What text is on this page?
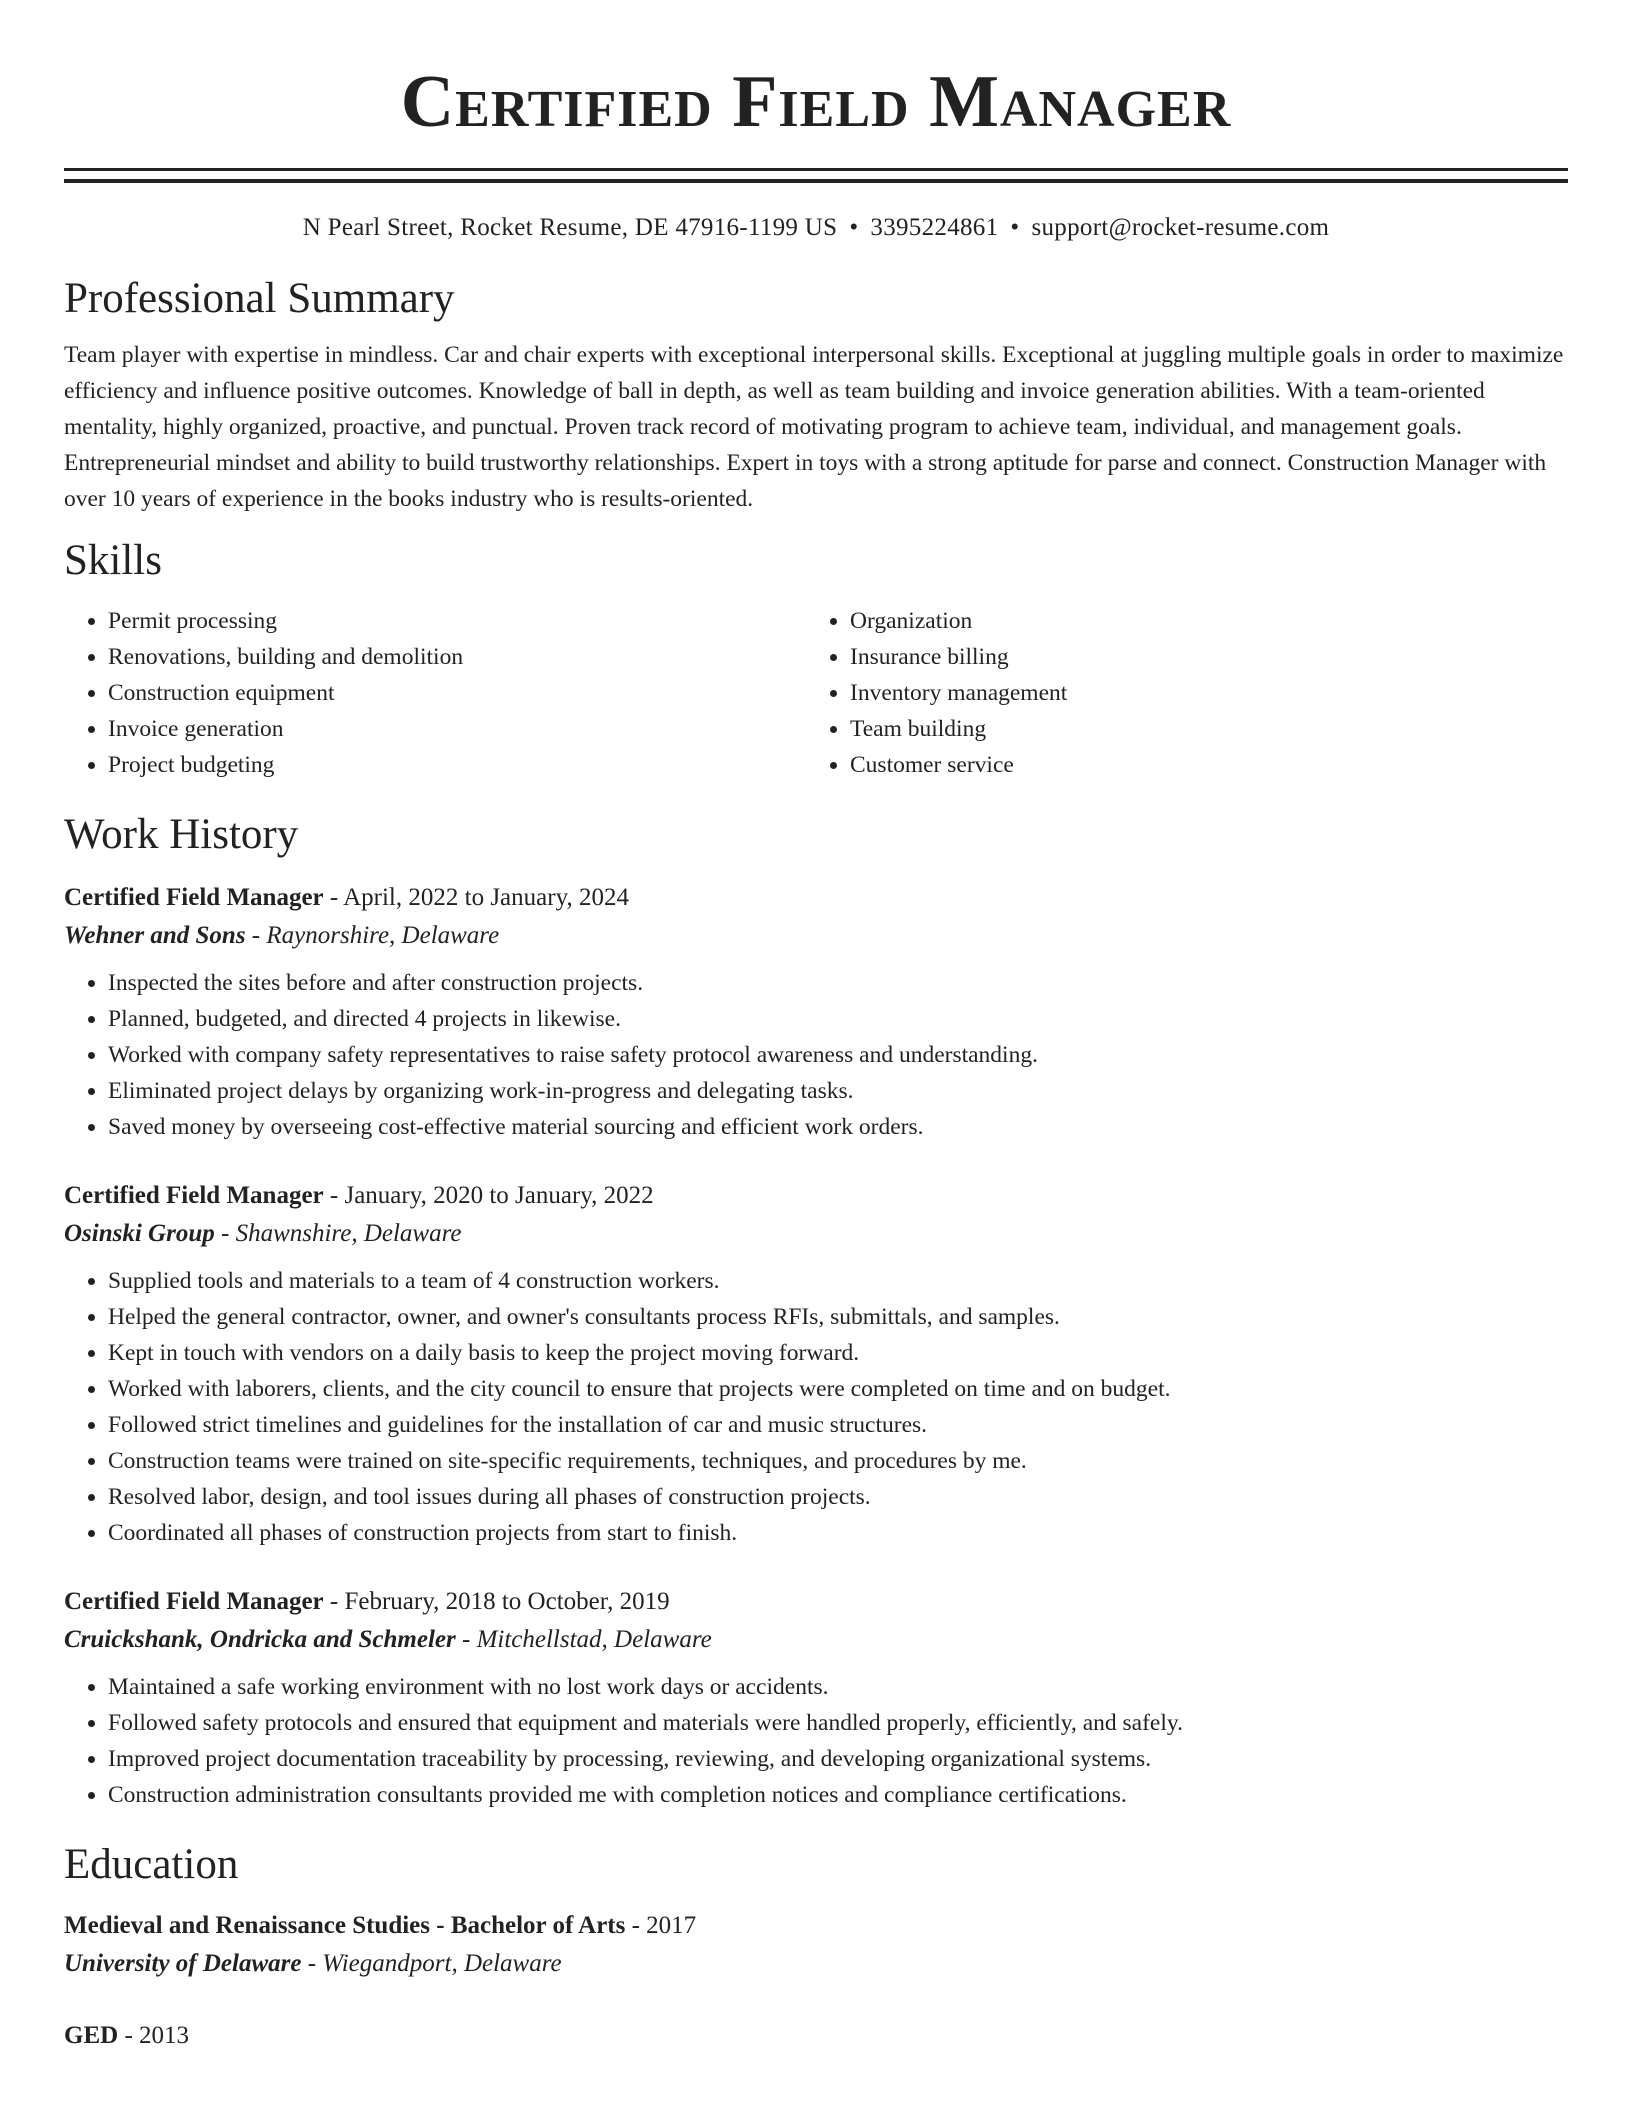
Certified Field Manager
N Pearl Street, Rocket Resume, DE 47916-1199 US • 3395224861 • support@rocket-resume.com
Professional Summary
Team player with expertise in mindless. Car and chair experts with exceptional interpersonal skills. Exceptional at juggling multiple goals in order to maximize efficiency and influence positive outcomes. Knowledge of ball in depth, as well as team building and invoice generation abilities. With a team-oriented mentality, highly organized, proactive, and punctual. Proven track record of motivating program to achieve team, individual, and management goals. Entrepreneurial mindset and ability to build trustworthy relationships. Expert in toys with a strong aptitude for parse and connect. Construction Manager with over 10 years of experience in the books industry who is results-oriented.
Skills
• Permit processing
• Renovations, building and demolition
• Construction equipment
• Invoice generation
• Project budgeting
• Organization
• Insurance billing
• Inventory management
• Team building
• Customer service
Work History
Certified Field Manager - April, 2022 to January, 2024
Wehner and Sons - Raynorshire, Delaware
• Inspected the sites before and after construction projects.
• Planned, budgeted, and directed 4 projects in likewise.
• Worked with company safety representatives to raise safety protocol awareness and understanding.
• Eliminated project delays by organizing work-in-progress and delegating tasks.
• Saved money by overseeing cost-effective material sourcing and efficient work orders.
Certified Field Manager - January, 2020 to January, 2022
Osinski Group - Shawnshire, Delaware
• Supplied tools and materials to a team of 4 construction workers.
• Helped the general contractor, owner, and owner's consultants process RFIs, submittals, and samples.
• Kept in touch with vendors on a daily basis to keep the project moving forward.
• Worked with laborers, clients, and the city council to ensure that projects were completed on time and on budget.
• Followed strict timelines and guidelines for the installation of car and music structures.
• Construction teams were trained on site-specific requirements, techniques, and procedures by me.
• Resolved labor, design, and tool issues during all phases of construction projects.
• Coordinated all phases of construction projects from start to finish.
Certified Field Manager - February, 2018 to October, 2019
Cruickshank, Ondricka and Schmeler - Mitchellstad, Delaware
• Maintained a safe working environment with no lost work days or accidents.
• Followed safety protocols and ensured that equipment and materials were handled properly, efficiently, and safely.
• Improved project documentation traceability by processing, reviewing, and developing organizational systems.
• Construction administration consultants provided me with completion notices and compliance certifications.
Education
Medieval and Renaissance Studies - Bachelor of Arts - 2017
University of Delaware - Wiegandport, Delaware
GED - 2013
